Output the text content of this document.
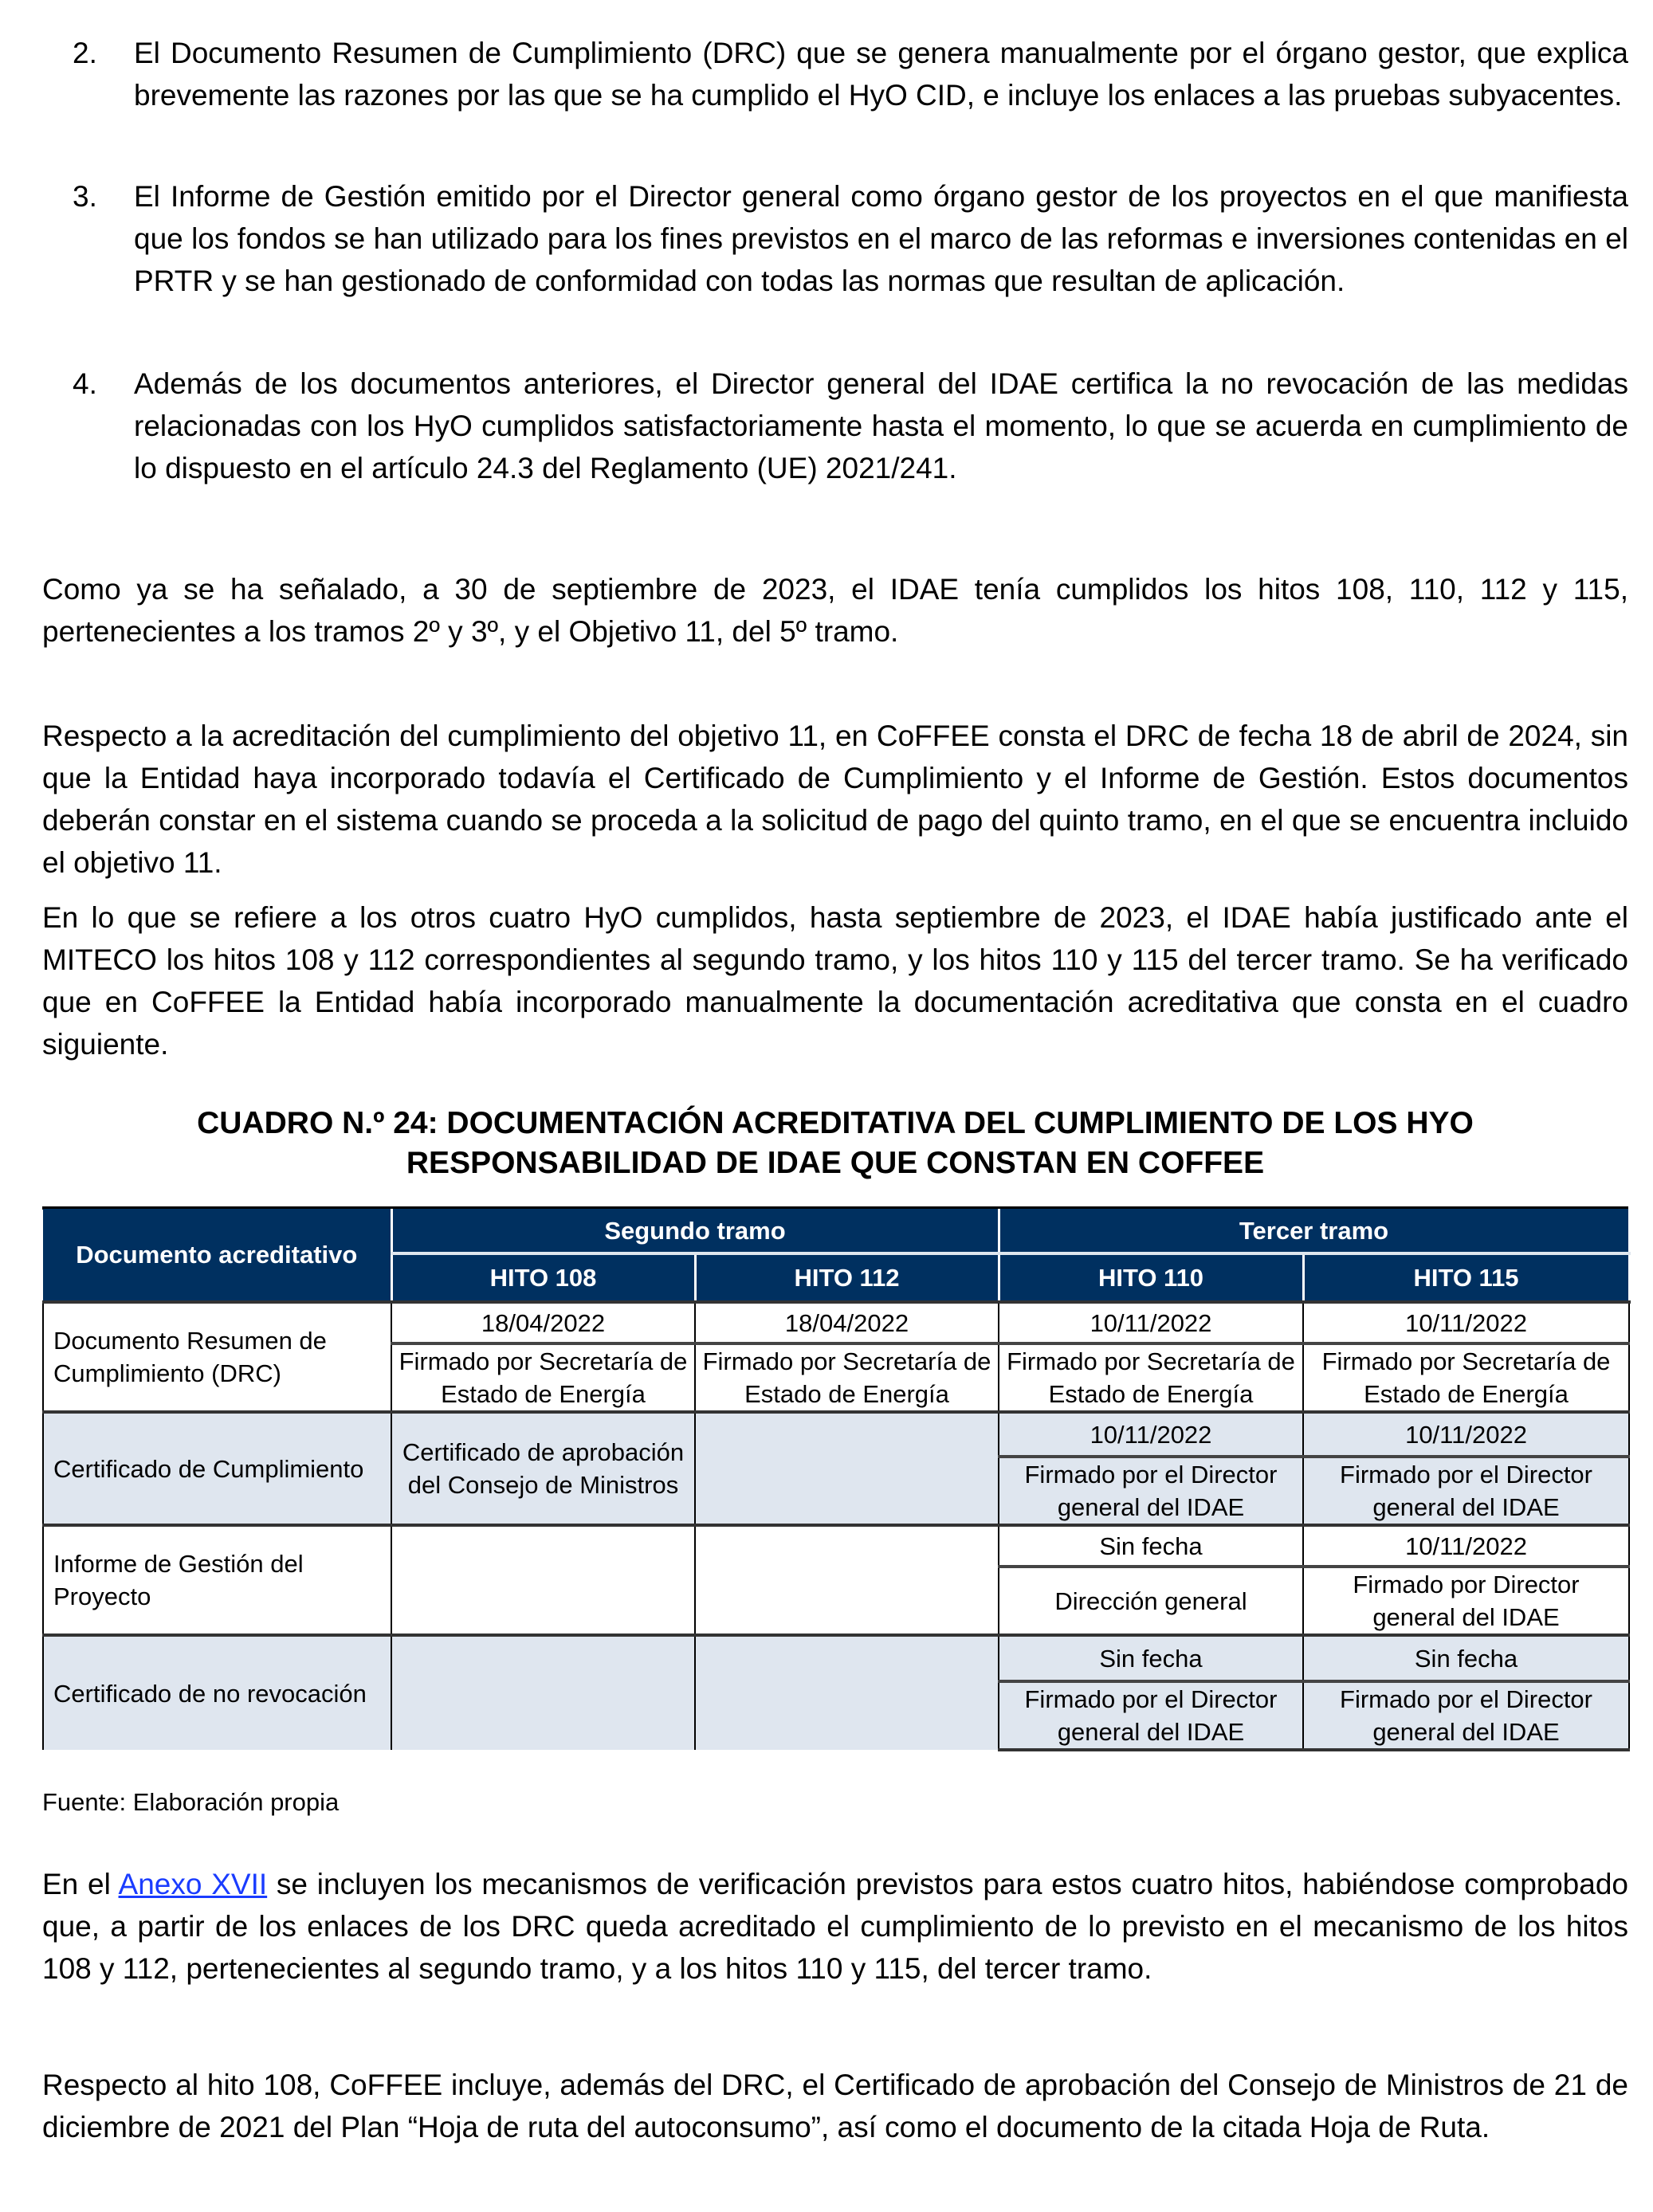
2. El Documento Resumen de Cumplimiento (DRC) que se genera manualmente por el órgano gestor, que explica brevemente las razones por las que se ha cumplido el HyO CID, e incluye los enlaces a las pruebas subyacentes.
3. El Informe de Gestión emitido por el Director general como órgano gestor de los proyectos en el que manifiesta que los fondos se han utilizado para los fines previstos en el marco de las reformas e inversiones contenidas en el PRTR y se han gestionado de conformidad con todas las normas que resultan de aplicación.
4. Además de los documentos anteriores, el Director general del IDAE certifica la no revocación de las medidas relacionadas con los HyO cumplidos satisfactoriamente hasta el momento, lo que se acuerda en cumplimiento de lo dispuesto en el artículo 24.3 del Reglamento (UE) 2021/241.

Como ya se ha señalado, a 30 de septiembre de 2023, el IDAE tenía cumplidos los hitos 108, 110, 112 y 115, pertenecientes a los tramos 2º y 3º, y el Objetivo 11, del 5º tramo.

Respecto a la acreditación del cumplimiento del objetivo 11, en CoFFEE consta el DRC de fecha 18 de abril de 2024, sin que la Entidad haya incorporado todavía el Certificado de Cumplimiento y el Informe de Gestión. Estos documentos deberán constar en el sistema cuando se proceda a la solicitud de pago del quinto tramo, en el que se encuentra incluido el objetivo 11.

En lo que se refiere a los otros cuatro HyO cumplidos, hasta septiembre de 2023, el IDAE había justificado ante el MITECO los hitos 108 y 112 correspondientes al segundo tramo, y los hitos 110 y 115 del tercer tramo. Se ha verificado que en CoFFEE la Entidad había incorporado manualmente la documentación acreditativa que consta en el cuadro siguiente.

CUADRO N.º 24: DOCUMENTACIÓN ACREDITATIVA DEL CUMPLIMIENTO DE LOS HYO
RESPONSABILIDAD DE IDAE QUE CONSTAN EN COFFEE
Documento acreditativo	Segundo tramo		Tercer tramo	
	HITO 108	HITO 112	HITO 110	HITO 115
Documento Resumen de Cumplimiento (DRC)	18/04/2022	18/04/2022	10/11/2022	10/11/2022
	Firmado por Secretaría de Estado de Energía	Firmado por Secretaría de Estado de Energía	Firmado por Secretaría de Estado de Energía	Firmado por Secretaría de Estado de Energía
Certificado de Cumplimiento	Certificado de aprobación del Consejo de Ministros		10/11/2022	10/11/2022
			Firmado por el Director general del IDAE	Firmado por el Director general del IDAE
Informe de Gestión del Proyecto			Sin fecha	10/11/2022
			Dirección general	Firmado por Director general del IDAE
Certificado de no revocación			Sin fecha	Sin fecha
			Firmado por el Director general del IDAE	Firmado por el Director general del IDAE
Fuente: Elaboración propia

En el Anexo XVII se incluyen los mecanismos de verificación previstos para estos cuatro hitos, habiéndose comprobado que, a partir de los enlaces de los DRC queda acreditado el cumplimiento de lo previsto en el mecanismo de los hitos 108 y 112, pertenecientes al segundo tramo, y a los hitos 110 y 115, del tercer tramo.

Respecto al hito 108, CoFFEE incluye, además del DRC, el Certificado de aprobación del Consejo de Ministros de 21 de diciembre de 2021 del Plan “Hoja de ruta del autoconsumo”, así como el documento de la citada Hoja de Ruta.
